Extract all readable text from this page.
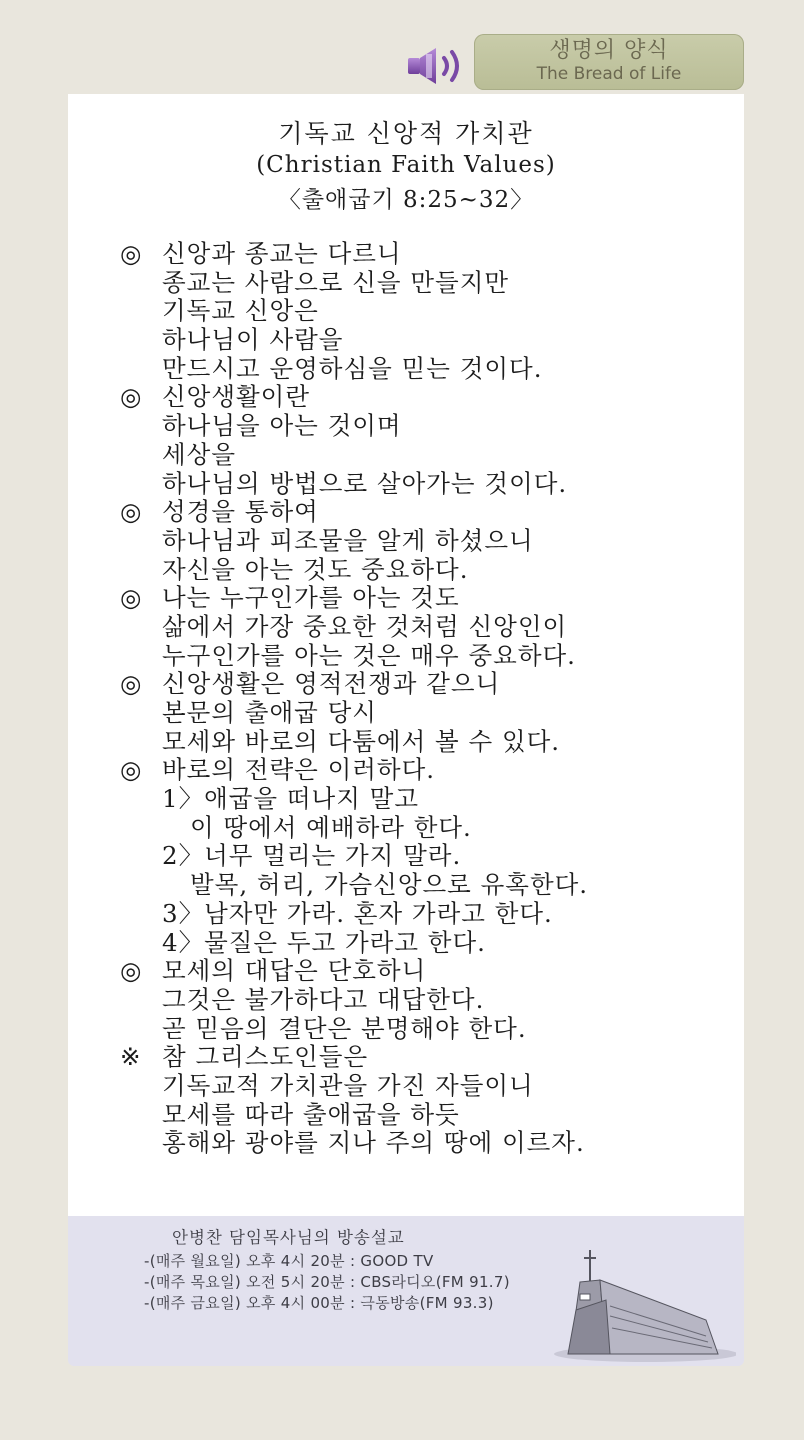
생명의 양식
The Bread of Life
기독교 신앙적 가치관
(Christian Faith Values)
〈출애굽기 8:25~32〉
◎ 신앙과 종교는 다르니
종교는 사람으로 신을 만들지만
기독교 신앙은
하나님이 사람을
만드시고 운영하심을 믿는 것이다.
◎ 신앙생활이란
하나님을 아는 것이며
세상을
하나님의 방법으로 살아가는 것이다.
◎ 성경을 통하여
하나님과 피조물을 알게 하셨으니
자신을 아는 것도 중요하다.
◎ 나는 누구인가를 아는 것도
삶에서 가장 중요한 것처럼 신앙인이
누구인가를 아는 것은 매우 중요하다.
◎ 신앙생활은 영적전쟁과 같으니
본문의 출애굽 당시
모세와 바로의 다툼에서 볼 수 있다.
◎ 바로의 전략은 이러하다.
1〉애굽을 떠나지 말고
이 땅에서 예배하라 한다.
2〉너무 멀리는 가지 말라.
발목, 허리, 가슴신앙으로 유혹한다.
3〉남자만 가라. 혼자 가라고 한다.
4〉물질은 두고 가라고 한다.
◎ 모세의 대답은 단호하니
그것은 불가하다고 대답한다.
곧 믿음의 결단은 분명해야 한다.
※ 참 그리스도인들은
기독교적 가치관을 가진 자들이니
모세를 따라 출애굽을 하듯
홍해와 광야를 지나 주의 땅에 이르자.
안병찬 담임목사님의 방송설교
-(매주 월요일) 오후 4시 20분 : GOOD TV
-(매주 목요일) 오전 5시 20분 : CBS라디오(FM 91.7)
-(매주 금요일) 오후 4시 00분 : 극동방송(FM 93.3)
